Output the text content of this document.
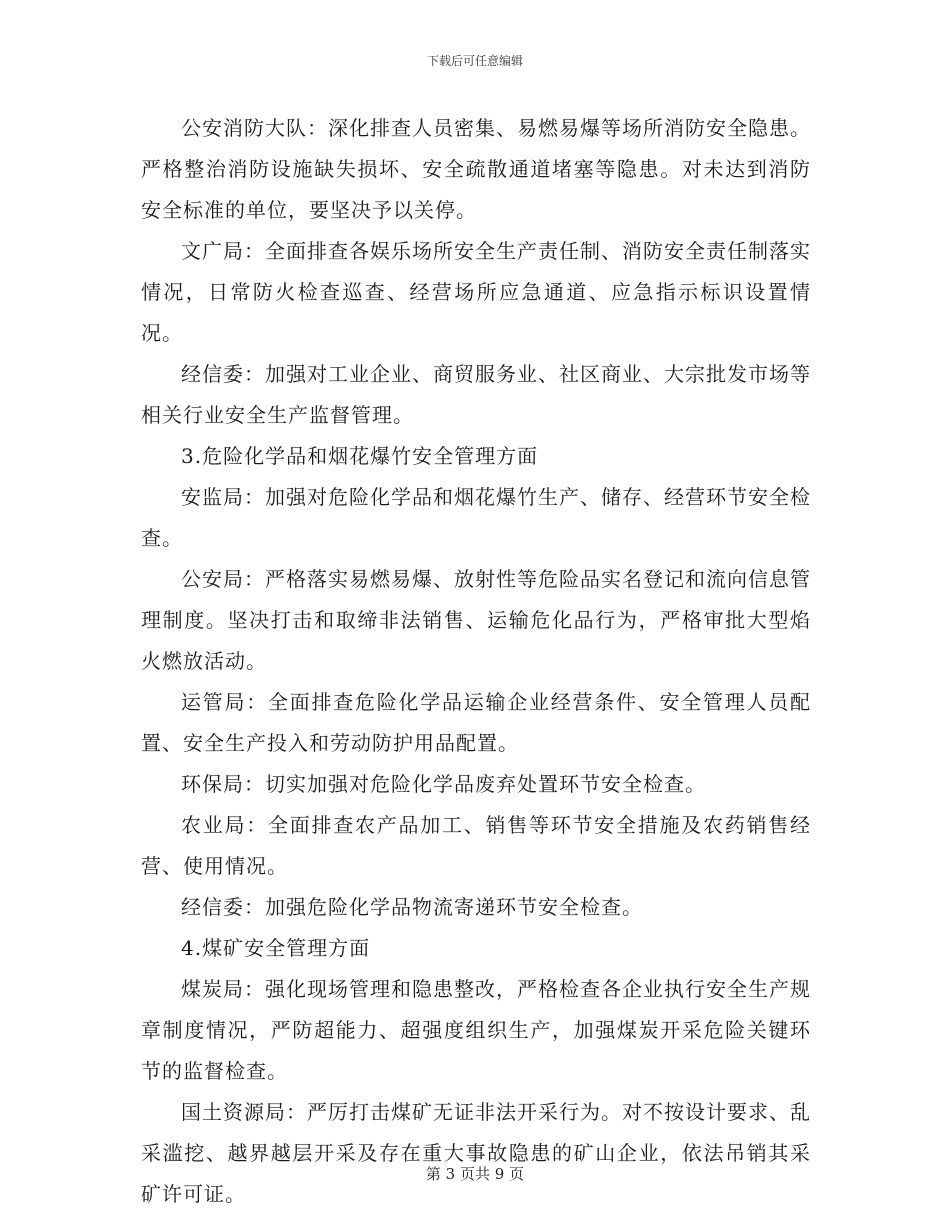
下载后可任意编辑

公安消防大队：深化排查人员密集、易燃易爆等场所消防安全隐患。严格整治消防设施缺失损坏、安全疏散通道堵塞等隐患。对未达到消防安全标准的单位，要坚决予以关停。

文广局：全面排查各娱乐场所安全生产责任制、消防安全责任制落实情况，日常防火检查巡查、经营场所应急通道、应急指示标识设置情况。

经信委：加强对工业企业、商贸服务业、社区商业、大宗批发市场等相关行业安全生产监督管理。

3.危险化学品和烟花爆竹安全管理方面

安监局：加强对危险化学品和烟花爆竹生产、储存、经营环节安全检查。

公安局：严格落实易燃易爆、放射性等危险品实名登记和流向信息管理制度。坚决打击和取缔非法销售、运输危化品行为，严格审批大型焰火燃放活动。

运管局：全面排查危险化学品运输企业经营条件、安全管理人员配置、安全生产投入和劳动防护用品配置。

环保局：切实加强对危险化学品废弃处置环节安全检查。

农业局：全面排查农产品加工、销售等环节安全措施及农药销售经营、使用情况。

经信委：加强危险化学品物流寄递环节安全检查。

4.煤矿安全管理方面

煤炭局：强化现场管理和隐患整改，严格检查各企业执行安全生产规章制度情况，严防超能力、超强度组织生产，加强煤炭开采危险关键环节的监督检查。

国土资源局：严厉打击煤矿无证非法开采行为。对不按设计要求、乱采滥挖、越界越层开采及存在重大事故隐患的矿山企业，依法吊销其采矿许可证。

第 3 页共 9 页
